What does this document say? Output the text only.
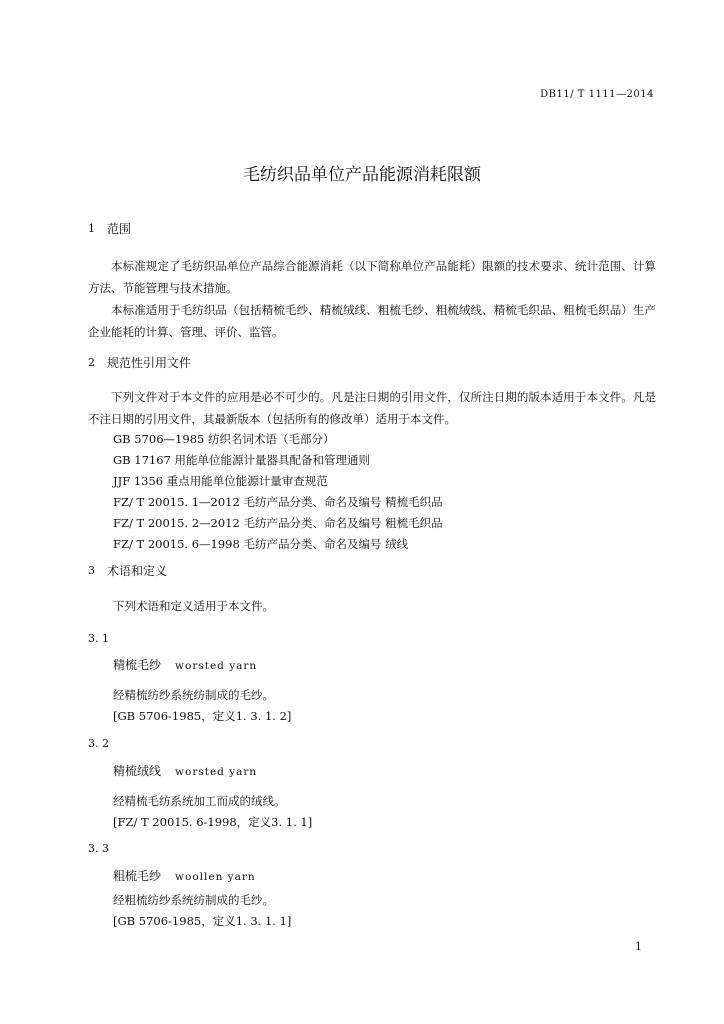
DB11/ T 1111—2014
毛纺织品单位产品能源消耗限额
1 范围
本标准规定了毛纺织品单位产品综合能源消耗（以下简称单位产品能耗）限额的技术要求、统计范围、计算方法、节能管理与技术措施。
本标准适用于毛纺织品（包括精梳毛纱、精梳绒线、粗梳毛纱、粗梳绒线、精梳毛织品、粗梳毛织品）生产企业能耗的计算、管理、评价、监管。
2 规范性引用文件
下列文件对于本文件的应用是必不可少的。凡是注日期的引用文件，仅所注日期的版本适用于本文件。凡是不注日期的引用文件，其最新版本（包括所有的修改单）适用于本文件。
GB 5706—1985 纺织名词术语（毛部分）
GB 17167 用能单位能源计量器具配备和管理通则
JJF 1356 重点用能单位能源计量审查规范
FZ/ T 20015. 1—2012 毛纺产品分类、命名及编号 精梳毛织品
FZ/ T 20015. 2—2012 毛纺产品分类、命名及编号 粗梳毛织品
FZ/ T 20015. 6—1998 毛纺产品分类、命名及编号 绒线
3 术语和定义
下列术语和定义适用于本文件。
3. 1
精梳毛纱 worsted yarn
经精梳纺纱系统纺制成的毛纱。
[GB 5706-1985，定义1. 3. 1. 2]
3. 2
精梳绒线 worsted yarn
经精梳毛纺系统加工而成的绒线。
[FZ/ T 20015. 6-1998，定义3. 1. 1]
3. 3
粗梳毛纱 woollen yarn
经粗梳纺纱系统纺制成的毛纱。
[GB 5706-1985，定义1. 3. 1. 1]
1
